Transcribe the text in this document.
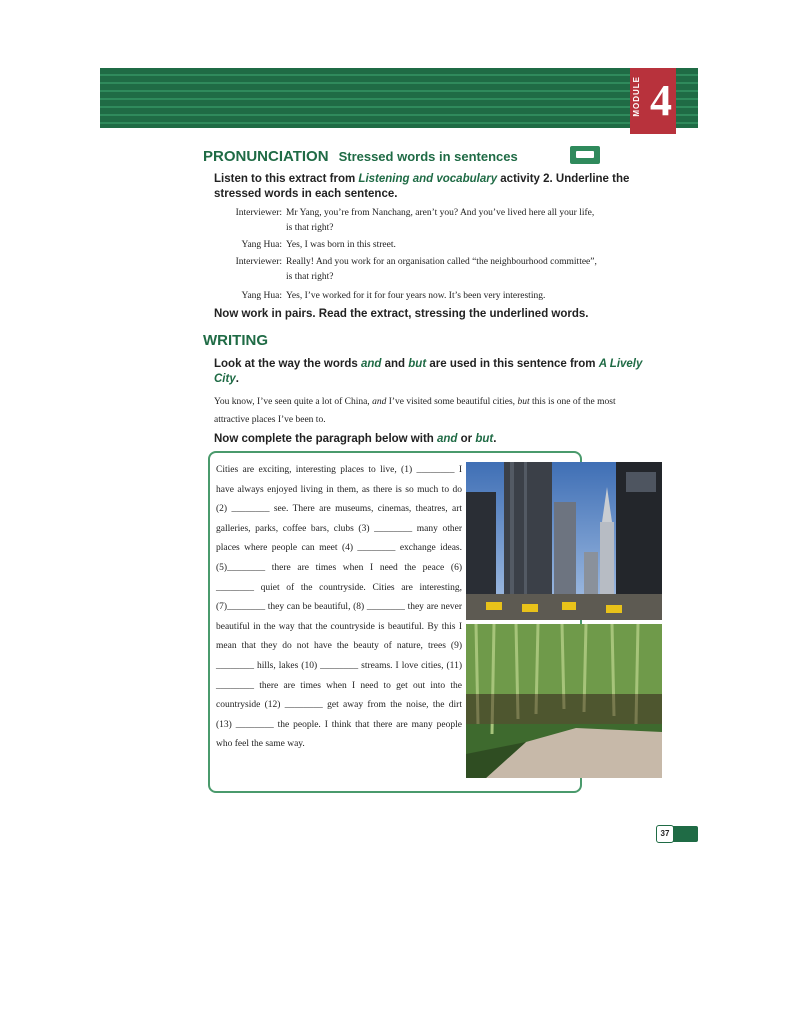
MODULE 4
PRONUNCIATION Stressed words in sentences
Listen to this extract from Listening and vocabulary activity 2. Underline the
stressed words in each sentence.
Interviewer: Mr Yang, you’re from Nanchang, aren’t you? And you’ve lived here all your life,
is that right?
Yang Hua: Yes, I was born in this street.
Interviewer: Really! And you work for an organisation called “the neighbourhood committee”,
is that right?
Yang Hua: Yes, I’ve worked for it for four years now. It’s been very interesting.
Now work in pairs. Read the extract, stressing the underlined words.
WRITING
Look at the way the words and and but are used in this sentence from A Lively
City.
You know, I’ve seen quite a lot of China, and I’ve visited some beautiful cities, but this is one of the most attractive places I’ve been to.
Now complete the paragraph below with and or but.
Cities are exciting, interesting places to live, (1) ________ I have always enjoyed living in them, as there is so much to do (2) ________ see. There are museums, cinemas, theatres, art galleries, parks, coffee bars, clubs (3) ________ many other places where people can meet (4) ________ exchange ideas. (5)________ there are times when I need the peace (6) ________ quiet of the countryside. Cities are interesting, (7)________ they can be beautiful, (8) ________ they are never beautiful in the way that the countryside is beautiful. By this I mean that they do not have the beauty of nature, trees (9) ________ hills, lakes (10) ________ streams. I love cities, (11) ________ there are times when I need to get out into the countryside (12) ________ get away from the noise, the dirt (13) ________ the people. I think that there are many people who feel the same way.
37
